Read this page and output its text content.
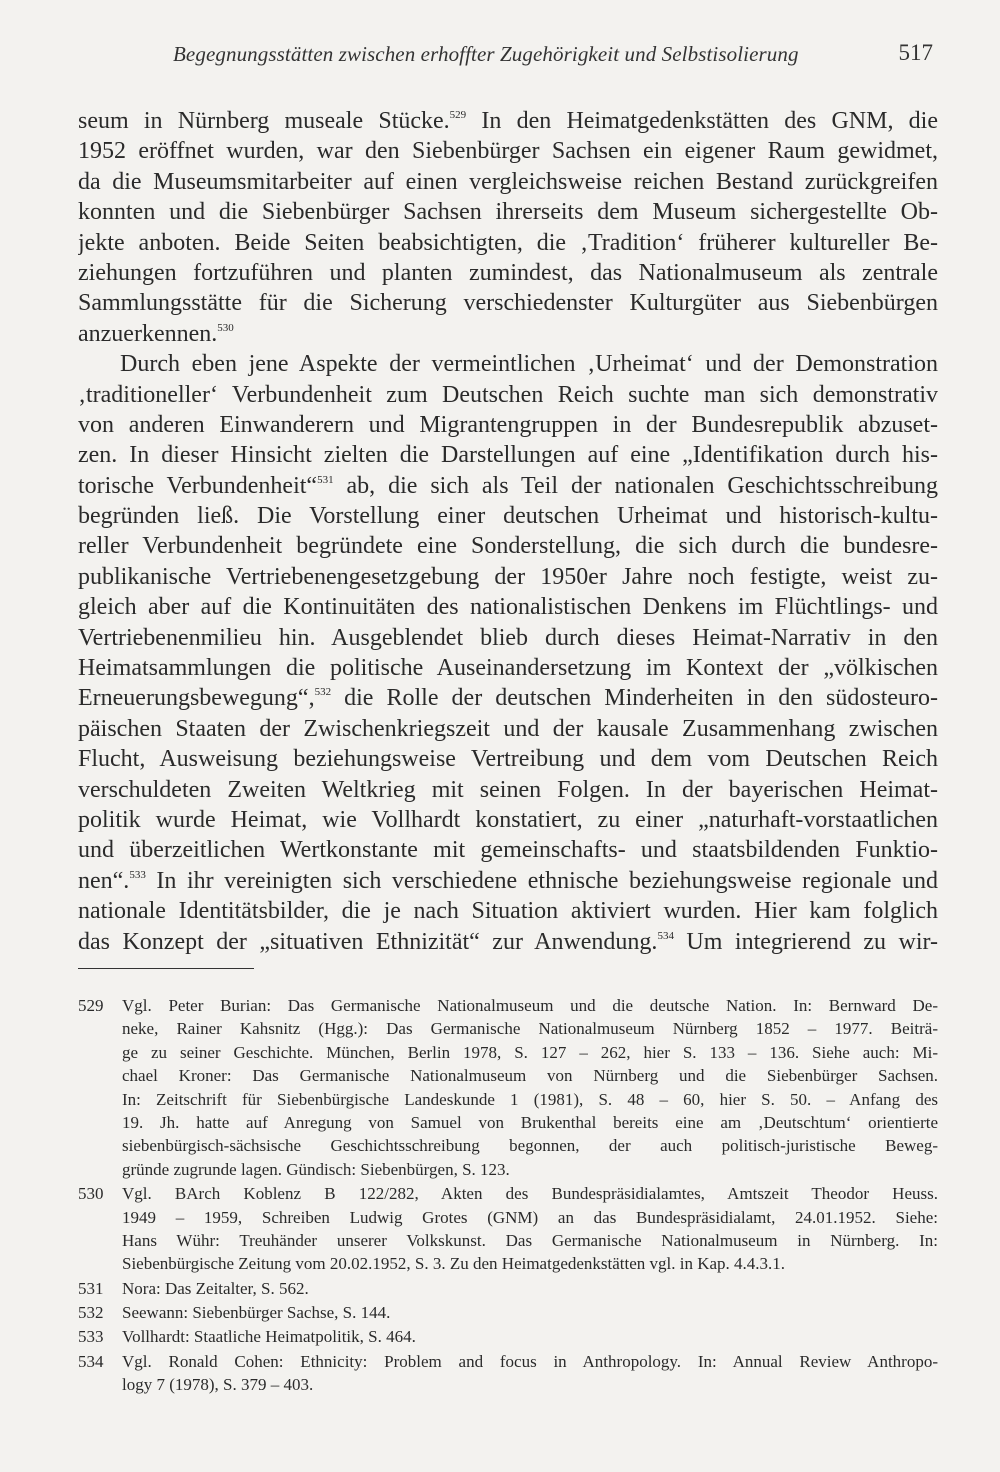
Begegnungsstätten zwischen erhoffter Zugehörigkeit und Selbstisolierung	517
seum in Nürnberg museale Stücke.$^{529}$ In den Heimatgedenkstätten des GNM, die
1952 eröffnet wurden, war den Siebenbürger Sachsen ein eigener Raum gewidmet,
da die Museumsmitarbeiter auf einen vergleichsweise reichen Bestand zurückgreifen
konnten und die Siebenbürger Sachsen ihrerseits dem Museum sichergestellte Ob-
jekte anboten. Beide Seiten beabsichtigten, die ‚Tradition‘ früherer kultureller Be-
ziehungen fortzuführen und planten zumindest, das Nationalmuseum als zentrale
Sammlungsstätte für die Sicherung verschiedenster Kulturgüter aus Siebenbürgen
anzuerkennen.$^{530}$
Durch eben jene Aspekte der vermeintlichen ‚Urheimat‘ und der Demonstration
‚traditioneller‘ Verbundenheit zum Deutschen Reich suchte man sich demonstrativ
von anderen Einwanderern und Migrantengruppen in der Bundesrepublik abzuset-
zen. In dieser Hinsicht zielten die Darstellungen auf eine „Identifikation durch his-
torische Verbundenheit“$^{531}$ ab, die sich als Teil der nationalen Geschichtsschreibung
begründen ließ. Die Vorstellung einer deutschen Urheimat und historisch-kultu-
reller Verbundenheit begründete eine Sonderstellung, die sich durch die bundesre-
publikanische Vertriebenengesetzgebung der 1950er Jahre noch festigte, weist zu-
gleich aber auf die Kontinuitäten des nationalistischen Denkens im Flüchtlings- und
Vertriebenenmilieu hin. Ausgeblendet blieb durch dieses Heimat-Narrativ in den
Heimatsammlungen die politische Auseinandersetzung im Kontext der „völkischen
Erneuerungsbewegung“,$^{532}$ die Rolle der deutschen Minderheiten in den südosteuro-
päischen Staaten der Zwischenkriegszeit und der kausale Zusammenhang zwischen
Flucht, Ausweisung beziehungsweise Vertreibung und dem vom Deutschen Reich
verschuldeten Zweiten Weltkrieg mit seinen Folgen. In der bayerischen Heimat-
politik wurde Heimat, wie Vollhardt konstatiert, zu einer „naturhaft-vorstaatlichen
und überzeitlichen Wertkonstante mit gemeinschafts- und staatsbildenden Funktio-
nen“.$^{533}$ In ihr vereinigten sich verschiedene ethnische beziehungsweise regionale und
nationale Identitätsbilder, die je nach Situation aktiviert wurden. Hier kam folglich
das Konzept der „situativen Ethnizität“ zur Anwendung.$^{534}$ Um integrierend zu wir-
529 Vgl. Peter Burian: Das Germanische Nationalmuseum und die deutsche Nation. In: Bernward De-
neke, Rainer Kahsnitz (Hgg.): Das Germanische Nationalmuseum Nürnberg 1852 – 1977. Beiträ-
ge zu seiner Geschichte. München, Berlin 1978, S. 127 – 262, hier S. 133 – 136. Siehe auch: Mi-
chael Kroner: Das Germanische Nationalmuseum von Nürnberg und die Siebenbürger Sachsen.
In: Zeitschrift für Siebenbürgische Landeskunde 1 (1981), S. 48 – 60, hier S. 50. – Anfang des
19. Jh. hatte auf Anregung von Samuel von Brukenthal bereits eine am ‚Deutschtum‘ orientierte
siebenbürgisch-sächsische Geschichtsschreibung begonnen, der auch politisch-juristische Beweg-
gründe zugrunde lagen. Gündisch: Siebenbürgen, S. 123.
530 Vgl. BArch Koblenz B 122/282, Akten des Bundespräsidialamtes, Amtszeit Theodor Heuss.
1949 – 1959, Schreiben Ludwig Grotes (GNM) an das Bundespräsidialamt, 24.01.1952. Siehe:
Hans Wühr: Treuhänder unserer Volkskunst. Das Germanische Nationalmuseum in Nürnberg. In:
Siebenbürgische Zeitung vom 20.02.1952, S. 3. Zu den Heimatgedenkstätten vgl. in Kap. 4.4.3.1.
531 Nora: Das Zeitalter, S. 562.
532 Seewann: Siebenbürger Sachse, S. 144.
533 Vollhardt: Staatliche Heimatpolitik, S. 464.
534 Vgl. Ronald Cohen: Ethnicity: Problem and focus in Anthropology. In: Annual Review Anthropo-
logy 7 (1978), S. 379 – 403.
